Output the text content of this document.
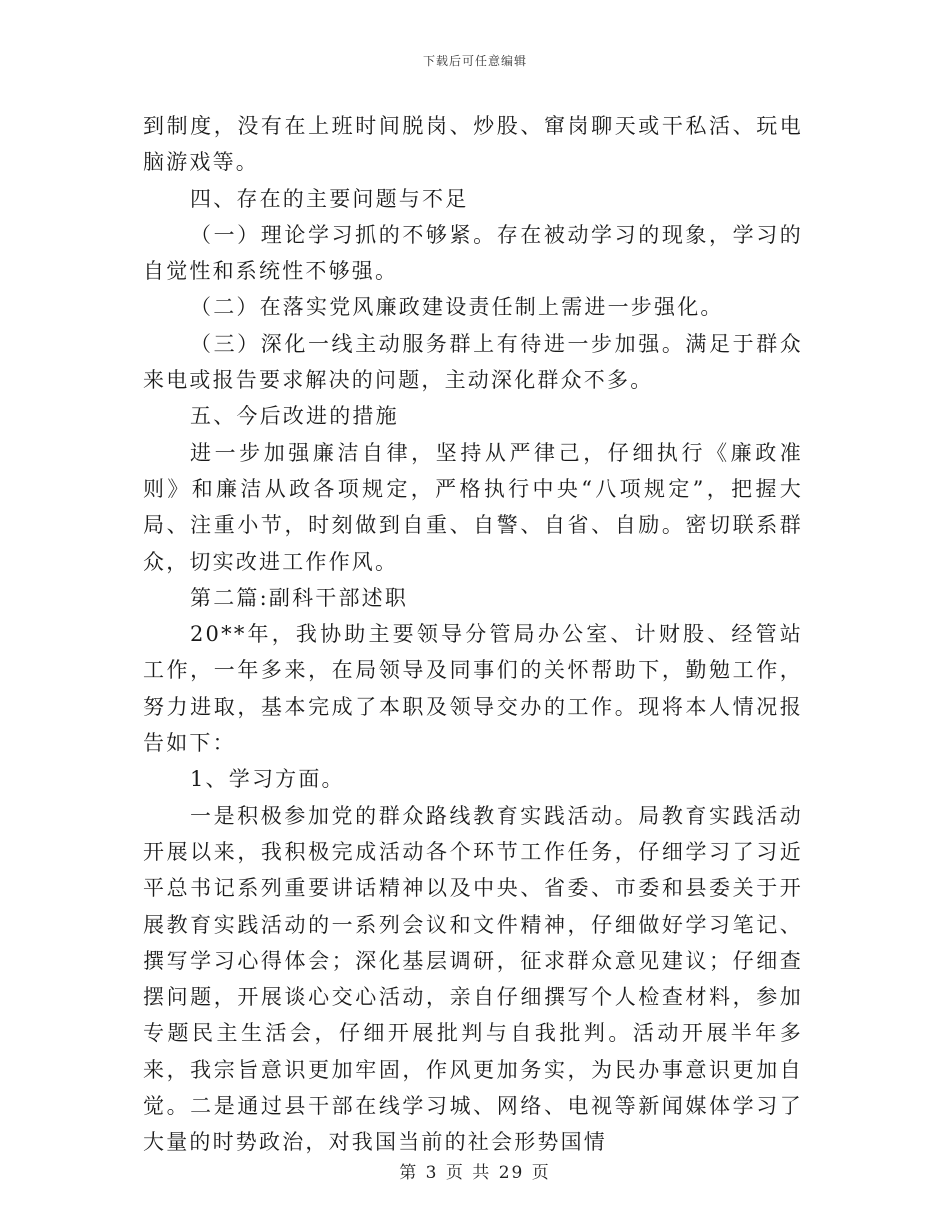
下载后可任意编辑

到制度，没有在上班时间脱岗、炒股、窜岗聊天或干私活、玩电脑游戏等。

四、存在的主要问题与不足

（一）理论学习抓的不够紧。存在被动学习的现象，学习的自觉性和系统性不够强。

（二）在落实党风廉政建设责任制上需进一步强化。

（三）深化一线主动服务群上有待进一步加强。满足于群众来电或报告要求解决的问题，主动深化群众不多。

五、今后改进的措施

进一步加强廉洁自律，坚持从严律己，仔细执行《廉政准则》和廉洁从政各项规定，严格执行中央“八项规定”，把握大局、注重小节，时刻做到自重、自警、自省、自励。密切联系群众，切实改进工作作风。

第二篇:副科干部述职

20**年，我协助主要领导分管局办公室、计财股、经管站工作，一年多来，在局领导及同事们的关怀帮助下，勤勉工作，努力进取，基本完成了本职及领导交办的工作。现将本人情况报告如下：

1、学习方面。

一是积极参加党的群众路线教育实践活动。局教育实践活动开展以来，我积极完成活动各个环节工作任务，仔细学习了习近平总书记系列重要讲话精神以及中央、省委、市委和县委关于开展教育实践活动的一系列会议和文件精神，仔细做好学习笔记、撰写学习心得体会；深化基层调研，征求群众意见建议；仔细查摆问题，开展谈心交心活动，亲自仔细撰写个人检查材料，参加专题民主生活会，仔细开展批判与自我批判。活动开展半年多来，我宗旨意识更加牢固，作风更加务实，为民办事意识更加自觉。二是通过县干部在线学习城、网络、电视等新闻媒体学习了大量的时势政治，对我国当前的社会形势国情

第 3 页 共 29 页
